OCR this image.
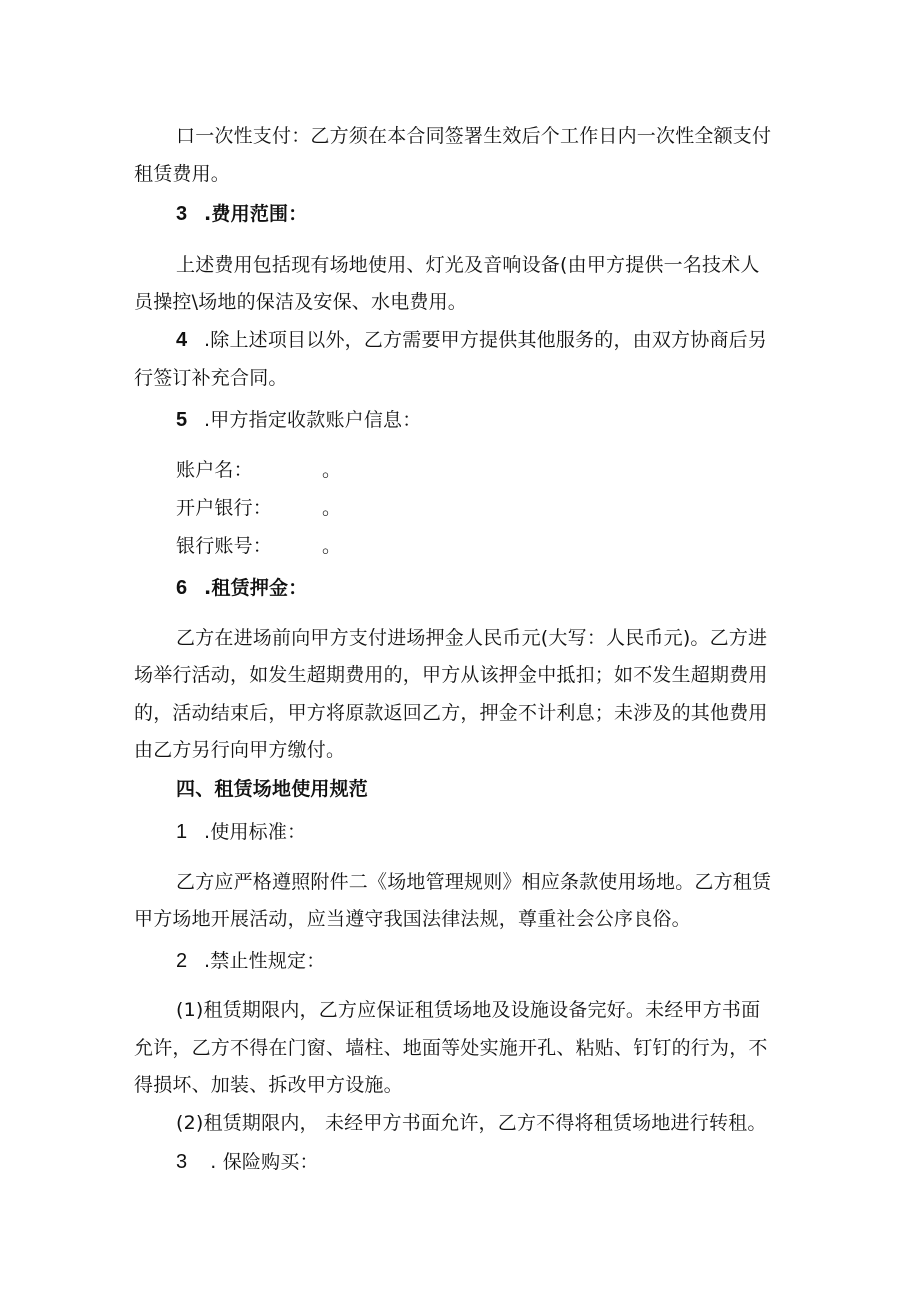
口一次性支付：乙方须在本合同签署生效后个工作日内一次性全额支付
租赁费用。
3 .费用范围：
上述费用包括现有场地使用、灯光及音响设备(由甲方提供一名技术人
员操控\场地的保洁及安保、水电费用。
4 .除上述项目以外，乙方需要甲方提供其他服务的，由双方协商后另
行签订补充合同。
5 .甲方指定收款账户信息：
账户名：	。
开户银行：	。
银行账号：	。
6 .租赁押金：
乙方在进场前向甲方支付进场押金人民币元(大写：人民币元)。乙方进
场举行活动，如发生超期费用的，甲方从该押金中抵扣；如不发生超期费用
的，活动结束后，甲方将原款返回乙方，押金不计利息；未涉及的其他费用
由乙方另行向甲方缴付。
四、租赁场地使用规范
1 .使用标准：
乙方应严格遵照附件二《场地管理规则》相应条款使用场地。乙方租赁
甲方场地开展活动，应当遵守我国法律法规，尊重社会公序良俗。
2 .禁止性规定：
(1)租赁期限内，乙方应保证租赁场地及设施设备完好。未经甲方书面
允许，乙方不得在门窗、墙柱、地面等处实施开孔、粘贴、钉钉的行为，不
得损坏、加装、拆改甲方设施。
(2)租赁期限内， 未经甲方书面允许，乙方不得将租赁场地进行转租。
3 . 保险购买：
